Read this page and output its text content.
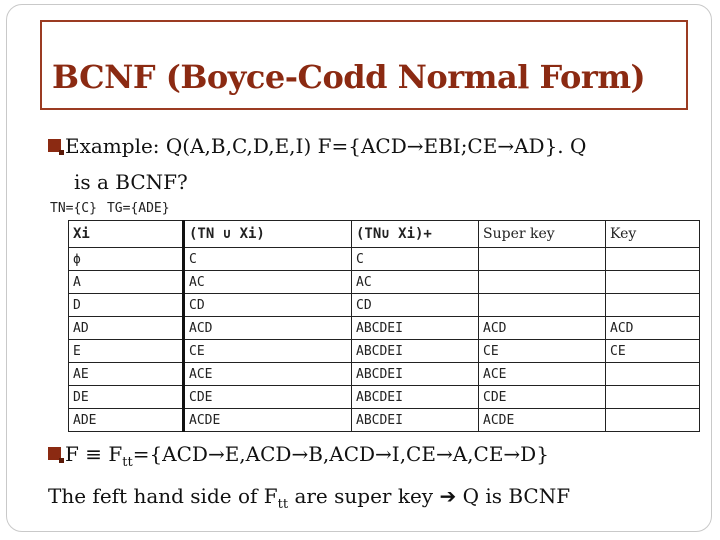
BCNF (Boyce-Codd Normal Form)
Example: Q(A,B,C,D,E,I) F={ACD→EBI;CE→AD}. Q
is a BCNF?
TN={C} TG={ADE}
Xi	(TN ∪ Xi)	(TN∪ Xi)+	Super key	Key
ϕ	C	C		
A	AC	AC		
D	CD	CD		
AD	ACD	ABCDEI	ACD	ACD
E	CE	ABCDEI	CE	CE
AE	ACE	ABCDEI	ACE	
DE	CDE	ABCDEI	CDE	
ADE	ACDE	ABCDEI	ACDE	
$F \equiv F_{tt}=\{ACD\to E,ACD\to B,ACD\to I,CE\to A,CE\to D\}$
The feft hand side of $F_{tt}$ are super key ➔ Q is BCNF
